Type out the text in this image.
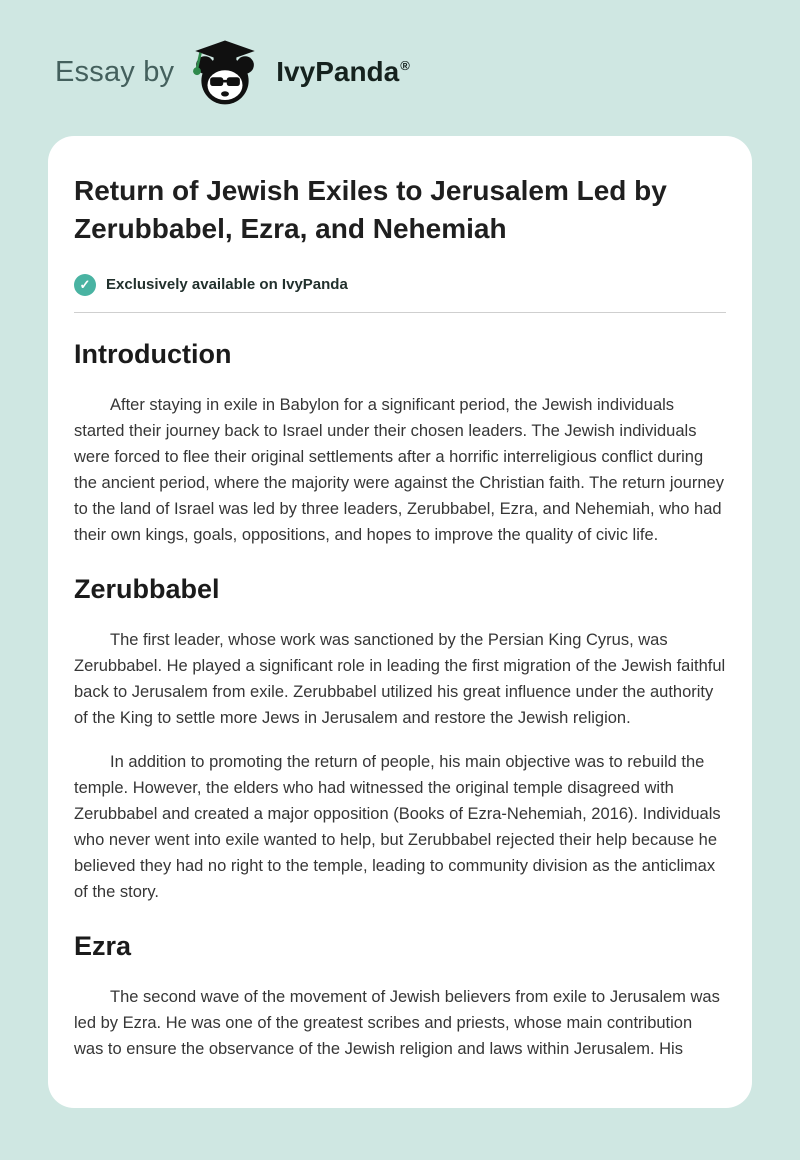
Essay by	IvyPanda ®
Return of Jewish Exiles to Jerusalem Led by Zerubbabel, Ezra, and Nehemiah
✓	Exclusively available on IvyPanda
Introduction

After staying in exile in Babylon for a significant period, the Jewish individuals started their journey back to Israel under their chosen leaders. The Jewish individuals were forced to flee their original settlements after a horrific interreligious conflict during the ancient period, where the majority were against the Christian faith. The return journey to the land of Israel was led by three leaders, Zerubbabel, Ezra, and Nehemiah, who had their own kings, goals, oppositions, and hopes to improve the quality of civic life.

Zerubbabel

The first leader, whose work was sanctioned by the Persian King Cyrus, was Zerubbabel. He played a significant role in leading the first migration of the Jewish faithful back to Jerusalem from exile. Zerubbabel utilized his great influence under the authority of the King to settle more Jews in Jerusalem and restore the Jewish religion.

In addition to promoting the return of people, his main objective was to rebuild the temple. However, the elders who had witnessed the original temple disagreed with Zerubbabel and created a major opposition (Books of Ezra-Nehemiah, 2016). Individuals who never went into exile wanted to help, but Zerubbabel rejected their help because he believed they had no right to the temple, leading to community division as the anticlimax of the story.

Ezra

The second wave of the movement of Jewish believers from exile to Jerusalem was led by Ezra. He was one of the greatest scribes and priests, whose main contribution was to ensure the observance of the Jewish religion and laws within Jerusalem. His
